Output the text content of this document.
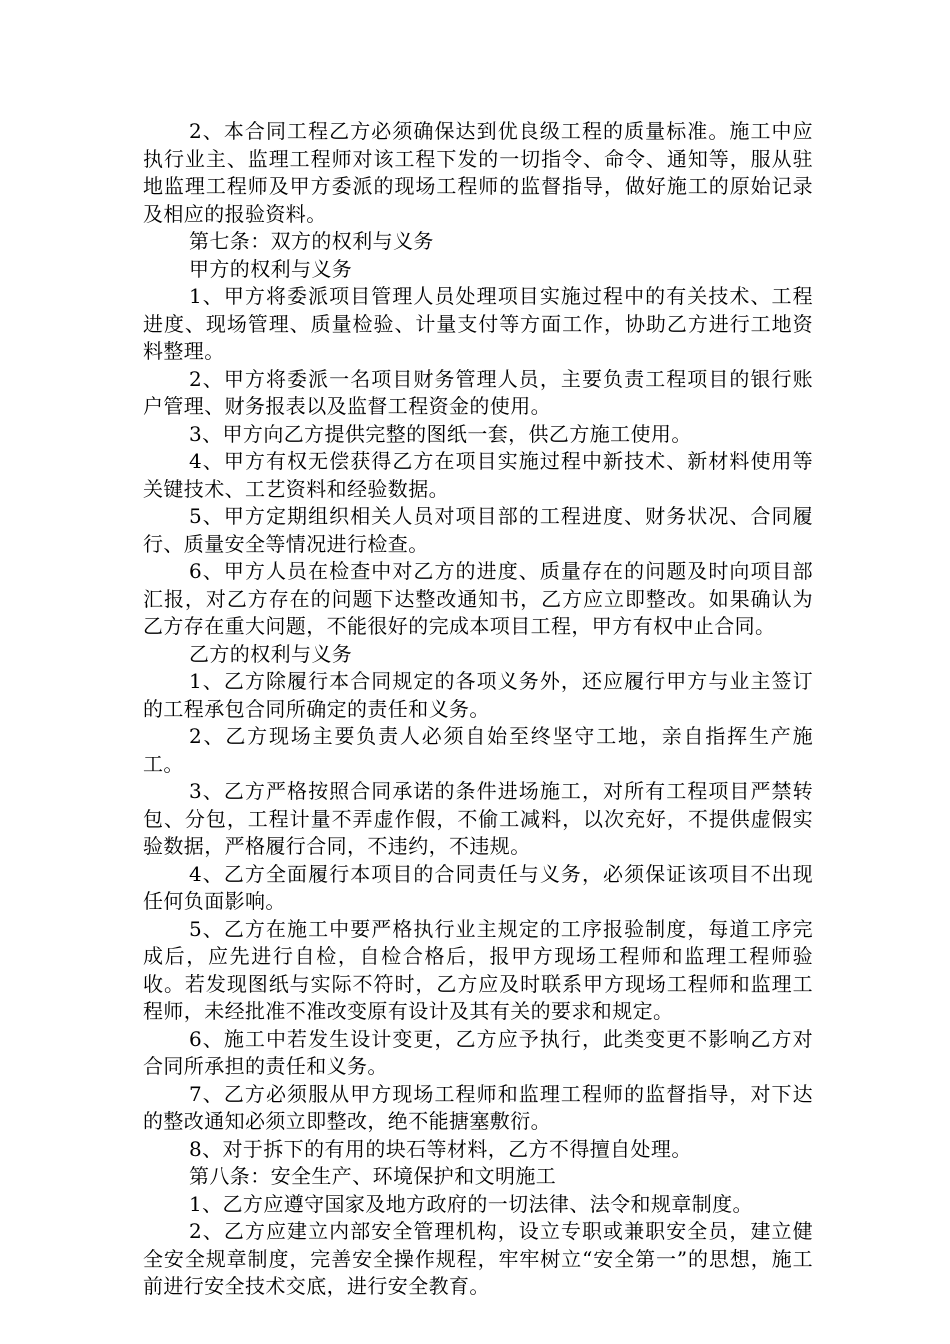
2、本合同工程乙方必须确保达到优良级工程的质量标准。施工中应执行业主、监理工程师对该工程下发的一切指令、命令、通知等，服从驻地监理工程师及甲方委派的现场工程师的监督指导，做好施工的原始记录及相应的报验资料。

第七条：双方的权利与义务

甲方的权利与义务

1、甲方将委派项目管理人员处理项目实施过程中的有关技术、工程进度、现场管理、质量检验、计量支付等方面工作，协助乙方进行工地资料整理。

2、甲方将委派一名项目财务管理人员，主要负责工程项目的银行账户管理、财务报表以及监督工程资金的使用。

3、甲方向乙方提供完整的图纸一套，供乙方施工使用。

4、甲方有权无偿获得乙方在项目实施过程中新技术、新材料使用等关键技术、工艺资料和经验数据。

5、甲方定期组织相关人员对项目部的工程进度、财务状况、合同履行、质量安全等情况进行检查。

6、甲方人员在检查中对乙方的进度、质量存在的问题及时向项目部汇报，对乙方存在的问题下达整改通知书，乙方应立即整改。如果确认为乙方存在重大问题，不能很好的完成本项目工程，甲方有权中止合同。

乙方的权利与义务

1、乙方除履行本合同规定的各项义务外，还应履行甲方与业主签订的工程承包合同所确定的责任和义务。

2、乙方现场主要负责人必须自始至终坚守工地，亲自指挥生产施工。

3、乙方严格按照合同承诺的条件进场施工，对所有工程项目严禁转包、分包，工程计量不弄虚作假，不偷工减料，以次充好，不提供虚假实验数据，严格履行合同，不违约，不违规。

4、乙方全面履行本项目的合同责任与义务，必须保证该项目不出现任何负面影响。

5、乙方在施工中要严格执行业主规定的工序报验制度，每道工序完成后，应先进行自检，自检合格后，报甲方现场工程师和监理工程师验收。若发现图纸与实际不符时，乙方应及时联系甲方现场工程师和监理工程师，未经批准不准改变原有设计及其有关的要求和规定。

6、施工中若发生设计变更，乙方应予执行，此类变更不影响乙方对合同所承担的责任和义务。

7、乙方必须服从甲方现场工程师和监理工程师的监督指导，对下达的整改通知必须立即整改，绝不能搪塞敷衍。

8、对于拆下的有用的块石等材料，乙方不得擅自处理。

第八条：安全生产、环境保护和文明施工

1、乙方应遵守国家及地方政府的一切法律、法令和规章制度。

2、乙方应建立内部安全管理机构，设立专职或兼职安全员，建立健全安全规章制度，完善安全操作规程，牢牢树立“安全第一”的思想，施工前进行安全技术交底，进行安全教育。
